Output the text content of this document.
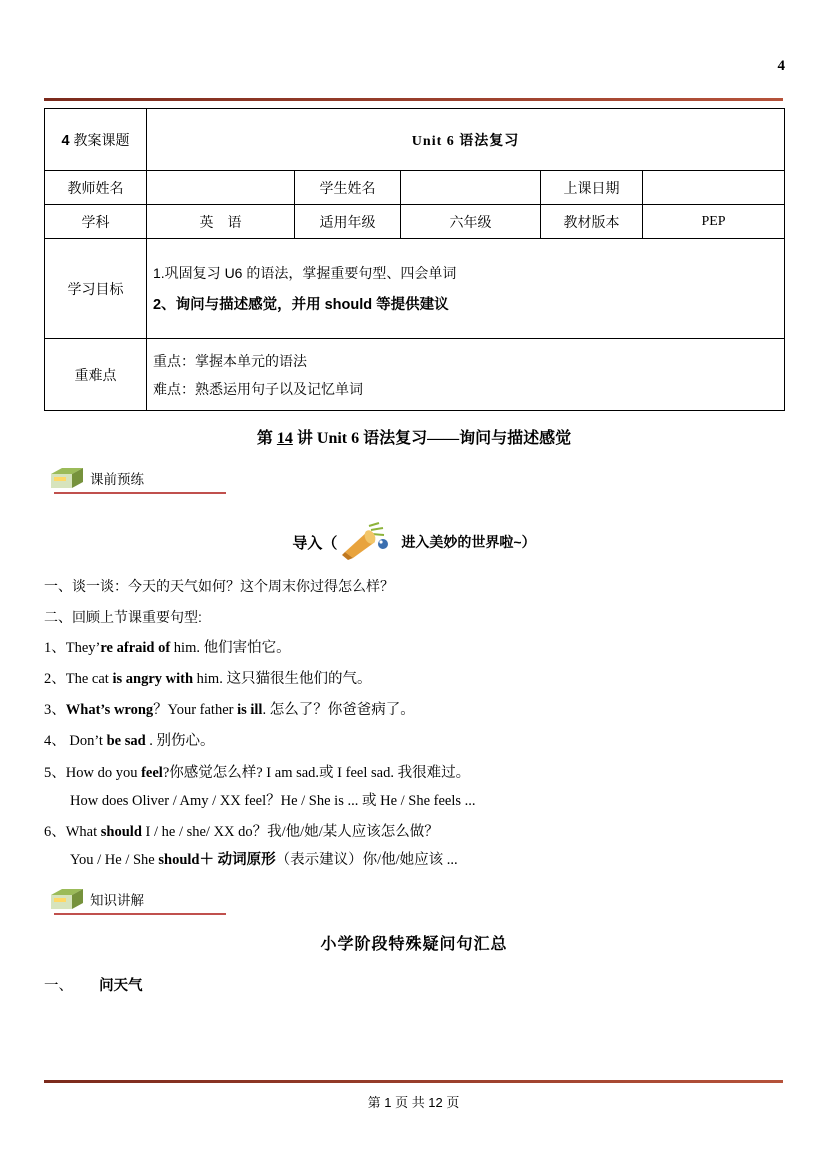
4
4 教案课题	Unit 6 语法复习				
教师姓名		学生姓名		上课日期	
学科	英　语	适用年级	六年级	教材版本	PEP
学习目标	1.巩固复习 U6 的语法，掌握重要句型、四会单词

2、询问与描述感觉，并用 should 等提供建议				

重难点	重点：掌握本单元的语法

难点：熟悉运用句子以及记忆单词				

第 14 讲 Unit 6 语法复习——询问与描述感觉

课前预练
导入（	进入美妙的世界啦~）

一、谈一谈：今天的天气如何？这个周末你过得怎么样？

二、回顾上节课重要句型:

1、They’re afraid of him. 他们害怕它。

2、The cat is angry with him. 这只猫很生他们的气。

3、What’s wrong？Your father is ill. 怎么了？你爸爸病了。

4、 Don’t be sad . 别伤心。

5、How do you feel?你感觉怎么样? I am sad.或 I feel sad. 我很难过。

How does Oliver / Amy / XX feel？He / She is ... 或 He / She feels ...

6、What should I / he / she/ XX do？我/他/她/某人应该怎么做？

You / He / She should＋ 动词原形（表示建议）你/他/她应该 ...

知识讲解

小学阶段特殊疑问句汇总

一、 问天气

第 1 页 共 12 页
